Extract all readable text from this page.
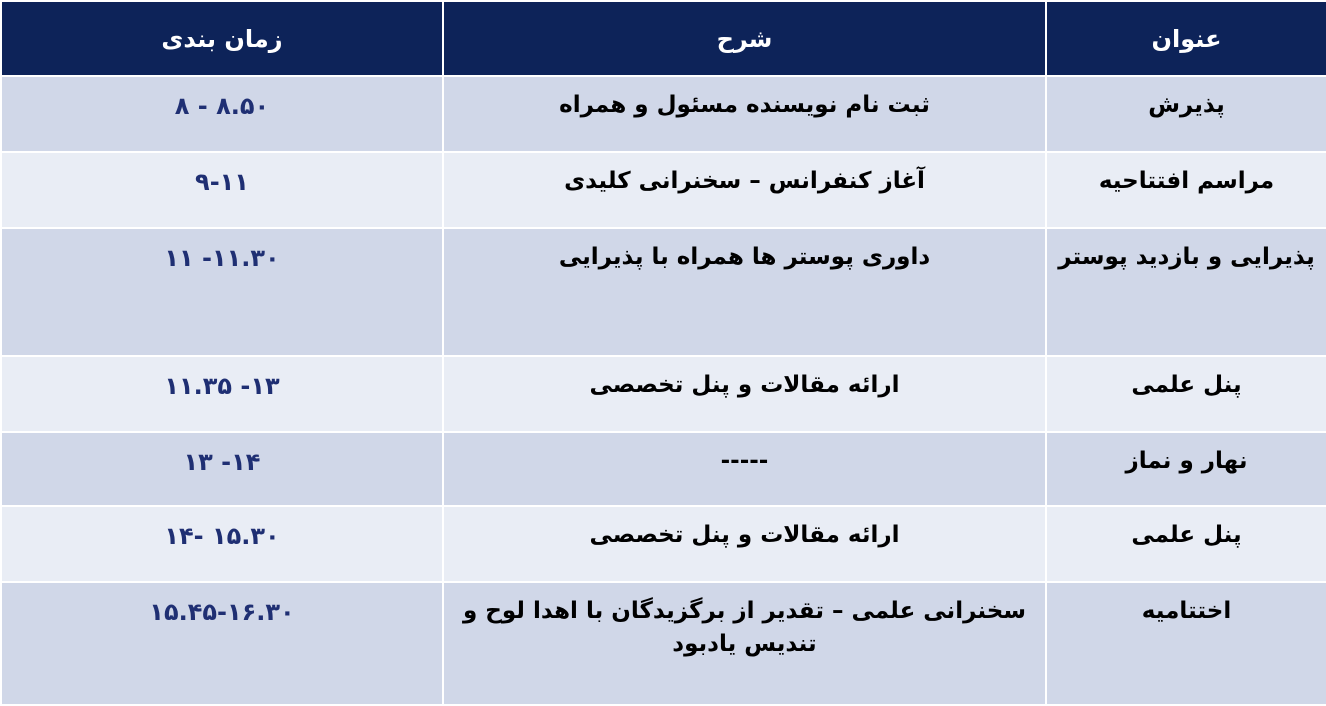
عنوان	شرح	زمان بندی
پذیرش	ثبت نام نویسنده مسئول و همراه	۸ - ۸.۵۰
مراسم افتتاحیه	آغاز کنفرانس – سخنرانی کلیدی	۹-۱۱
پذیرایی و بازدید پوستر	داوری پوستر ها همراه با پذیرایی	۱۱ -۱۱.۳۰
پنل علمی	ارائه مقالات و پنل تخصصی	۱۱.۳۵ -۱۳
نهار و نماز	-----	۱۳ -۱۴
پنل علمی	ارائه مقالات و پنل تخصصی	۱۴- ۱۵.۳۰
اختتامیه	سخنرانی علمی – تقدیر از برگزیدگان با اهدا لوح و تندیس یادبود	۱۵.۴۵-۱۶.۳۰
